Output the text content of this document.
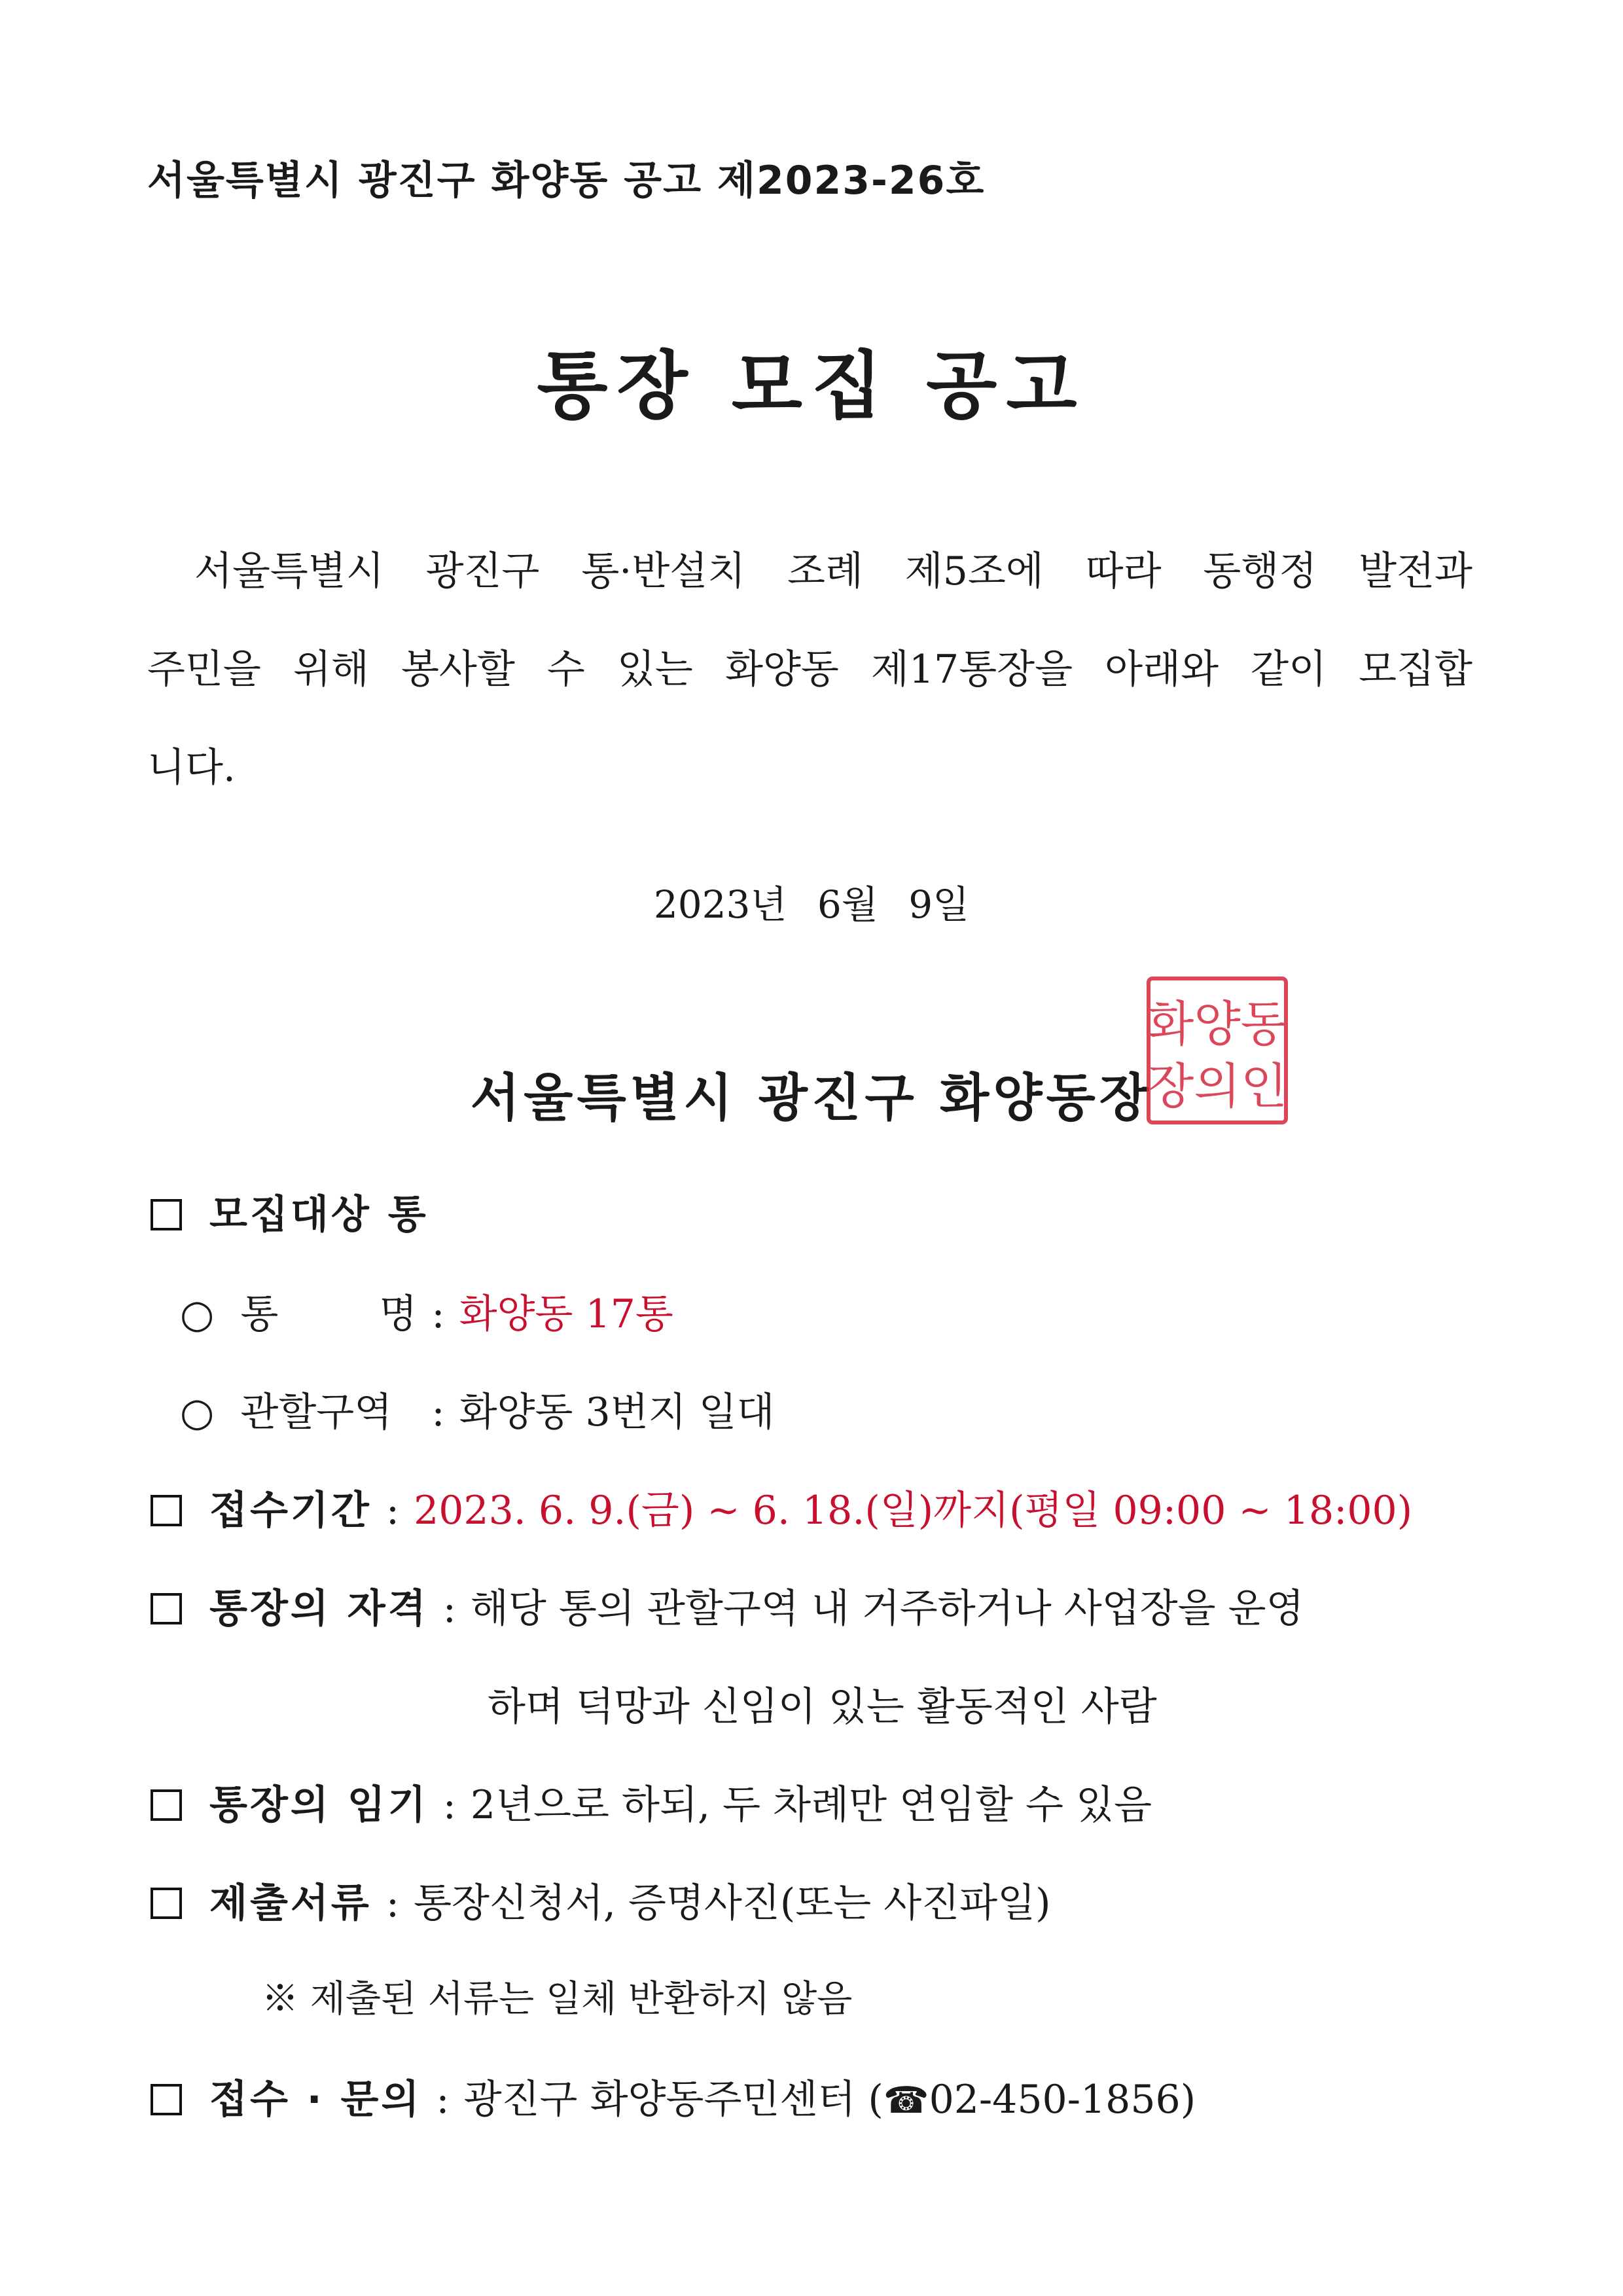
서울특별시 광진구 화양동 공고 제2023-26호
통장 모집 공고
서울특별시 광진구 통·반설치 조례 제5조에 따라 동행정 발전과
주민을 위해 봉사할 수 있는 화양동 제17통장을 아래와 같이 모집합
니다.
2023년 6월 9일
서울특별시 광진구 화양동장
화양동
장의인
모집대상 통
○ 통 명 : 화양동 17통
○ 관할구역 : 화양동 3번지 일대
접수기간 : 2023. 6. 9.(금) ~ 6. 18.(일)까지(평일 09:00 ~ 18:00)
통장의 자격 : 해당 통의 관할구역 내 거주하거나 사업장을 운영
하며 덕망과 신임이 있는 활동적인 사람
통장의 임기 : 2년으로 하되, 두 차례만 연임할 수 있음
제출서류 : 통장신청서, 증명사진(또는 사진파일)
※ 제출된 서류는 일체 반환하지 않음
접수 · 문의 : 광진구 화양동주민센터 (☎02-450-1856)
